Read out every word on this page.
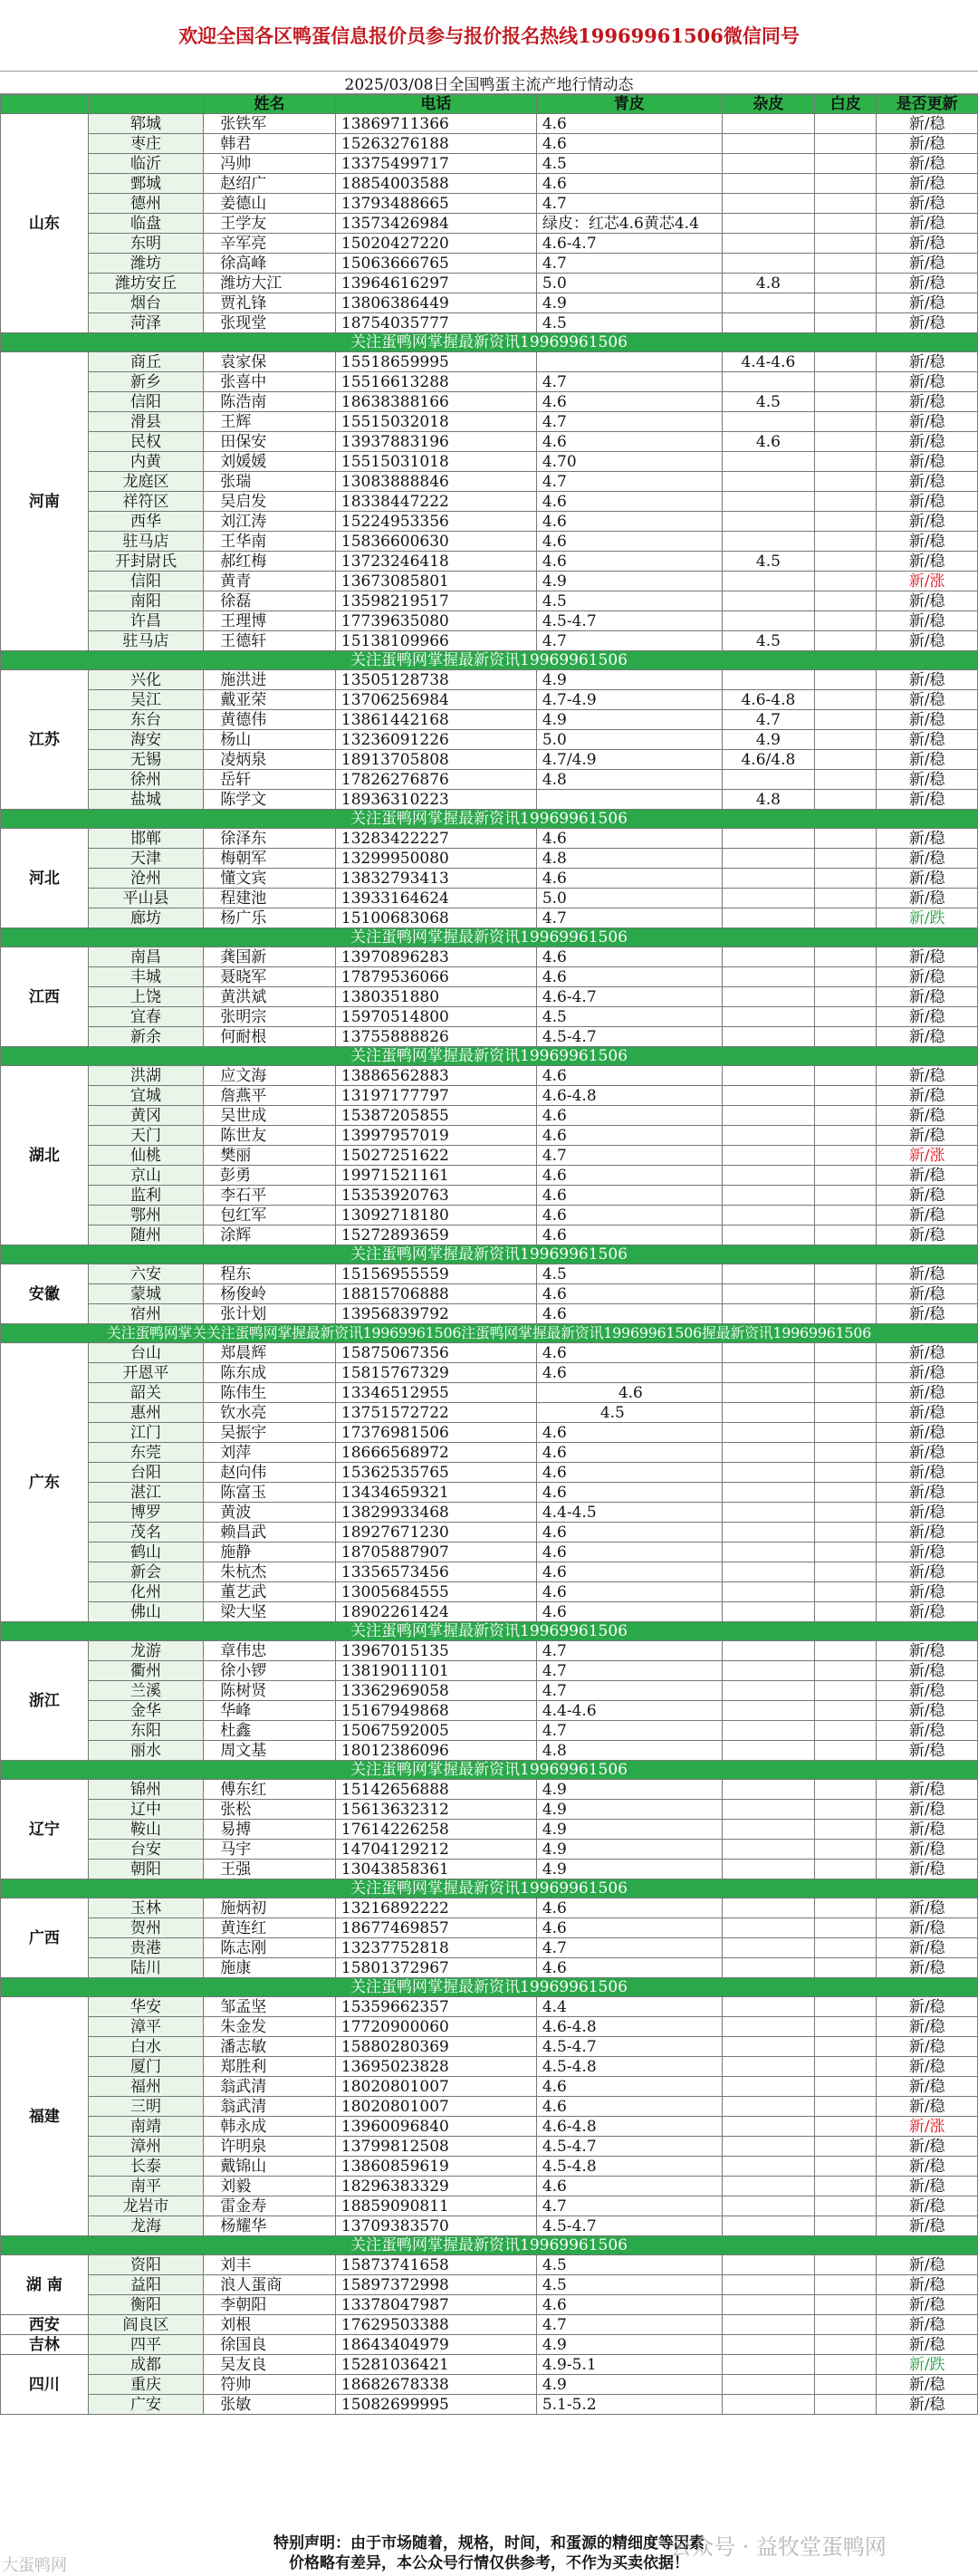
欢迎全国各区鸭蛋信息报价员参与报价报名热线19969961506微信同号
2025/03/08日全国鸭蛋主流产地行情动态
		姓名	电话	青皮	杂皮	白皮	是否更新
山东	郓城	张铁军	13869711366	4.6			新/稳
	枣庄	韩君	15263276188	4.6			新/稳
	临沂	冯帅	13375499717	4.5			新/稳
	鄄城	赵绍广	18854003588	4.6			新/稳
	德州	姜德山	13793488665	4.7			新/稳
	临盘	王学友	13573426984	绿皮：红芯4.6黄芯4.4			新/稳
	东明	辛军亮	15020427220	4.6-4.7			新/稳
	潍坊	徐高峰	15063666765	4.7			新/稳
	潍坊安丘	潍坊大江	13964616297	5.0	4.8		新/稳
	烟台	贾礼锋	13806386449	4.9			新/稳
	菏泽	张现堂	18754035777	4.5			新/稳
关注蛋鸭网掌握最新资讯19969961506							
河南	商丘	袁家保	15518659995		4.4-4.6		新/稳
	新乡	张喜中	15516613288	4.7			新/稳
	信阳	陈浩南	18638388166	4.6	4.5		新/稳
	滑县	王辉	15515032018	4.7			新/稳
	民权	田保安	13937883196	4.6	4.6		新/稳
	内黄	刘媛媛	15515031018	4.70			新/稳
	龙庭区	张瑞	13083888846	4.7			新/稳
	祥符区	吴启发	18338447222	4.6			新/稳
	西华	刘江涛	15224953356	4.6			新/稳
	驻马店	王华南	15836600630	4.6			新/稳
	开封尉氏	郝红梅	13723246418	4.6	4.5		新/稳
	信阳	黄青	13673085801	4.9			新/涨
	南阳	徐磊	13598219517	4.5			新/稳
	许昌	王理博	17739635080	4.5-4.7			新/稳
	驻马店	王德轩	15138109966	4.7	4.5		新/稳
关注蛋鸭网掌握最新资讯19969961506							
江苏	兴化	施洪进	13505128738	4.9			新/稳
	吴江	戴亚荣	13706256984	4.7-4.9	4.6-4.8		新/稳
	东台	黄德伟	13861442168	4.9	4.7		新/稳
	海安	杨山	13236091226	5.0	4.9		新/稳
	无锡	凌炳泉	18913705808	4.7/4.9	4.6/4.8		新/稳
	徐州	岳轩	17826276876	4.8			新/稳
	盐城	陈学文	18936310223		4.8		新/稳
关注蛋鸭网掌握最新资讯19969961506							
河北	邯郸	徐泽东	13283422227	4.6			新/稳
	天津	梅朝军	13299950080	4.8			新/稳
	沧州	懂文宾	13832793413	4.6			新/稳
	平山县	程建池	13933164624	5.0			新/稳
	廊坊	杨广乐	15100683068	4.7			新/跌
关注蛋鸭网掌握最新资讯19969961506							
江西	南昌	龚国新	13970896283	4.6			新/稳
	丰城	聂晓军	17879536066	4.6			新/稳
	上饶	黄洪斌	1380351880	4.6-4.7			新/稳
	宜春	张明宗	15970514800	4.5			新/稳
	新余	何耐根	13755888826	4.5-4.7			新/稳
关注蛋鸭网掌握最新资讯19969961506							
湖北	洪湖	应文海	13886562883	4.6			新/稳
	宜城	詹燕平	13197177797	4.6-4.8			新/稳
	黄冈	吴世成	15387205855	4.6			新/稳
	天门	陈世友	13997957019	4.6			新/稳
	仙桃	樊丽	15027251622	4.7			新/涨
	京山	彭勇	19971521161	4.6			新/稳
	监利	李石平	15353920763	4.6			新/稳
	鄂州	包红军	13092718180	4.6			新/稳
	随州	涂辉	15272893659	4.6			新/稳
关注蛋鸭网掌握最新资讯19969961506							
安徽	六安	程东	15156955559	4.5			新/稳
	蒙城	杨俊岭	18815706888	4.6			新/稳
	宿州	张计划	13956839792	4.6			新/稳
关注蛋鸭网掌关关注蛋鸭网掌握最新资讯19969961506注蛋鸭网掌握最新资讯19969961506握最新资讯19969961506							
广东	台山	郑晨辉	15875067356	4.6			新/稳
	开恩平	陈东成	15815767329	4.6			新/稳
	韶关	陈伟生	13346512955	4.6			新/稳
	惠州	钦水亮	13751572722	4.5			新/稳
	江门	吴振宇	17376981506	4.6			新/稳
	东莞	刘萍	18666568972	4.6			新/稳
	台阳	赵向伟	15362535765	4.6			新/稳
	湛江	陈富玉	13434659321	4.6			新/稳
	博罗	黄波	13829933468	4.4-4.5			新/稳
	茂名	赖昌武	18927671230	4.6			新/稳
	鹤山	施静	18705887907	4.6			新/稳
	新会	朱杭杰	13356573456	4.6			新/稳
	化州	董艺武	13005684555	4.6			新/稳
	佛山	梁大坚	18902261424	4.6			新/稳
关注蛋鸭网掌握最新资讯19969961506							
浙江	龙游	章伟忠	13967015135	4.7			新/稳
	衢州	徐小锣	13819011101	4.7			新/稳
	兰溪	陈树贤	13362969058	4.7			新/稳
	金华	华峰	15167949868	4.4-4.6			新/稳
	东阳	杜鑫	15067592005	4.7			新/稳
	丽水	周文基	18012386096	4.8			新/稳
关注蛋鸭网掌握最新资讯19969961506							
辽宁	锦州	傅东红	15142656888	4.9			新/稳
	辽中	张松	15613632312	4.9			新/稳
	鞍山	易搏	17614226258	4.9			新/稳
	台安	马宇	14704129212	4.9			新/稳
	朝阳	王强	13043858361	4.9			新/稳
关注蛋鸭网掌握最新资讯19969961506							
广西	玉林	施炳初	13216892222	4.6			新/稳
	贺州	黄连红	18677469857	4.6			新/稳
	贵港	陈志刚	13237752818	4.7			新/稳
	陆川	施康	15801372967	4.6			新/稳
关注蛋鸭网掌握最新资讯19969961506							
福建	华安	邹孟坚	15359662357	4.4			新/稳
	漳平	朱金发	17720900060	4.6-4.8			新/稳
	白水	潘志敏	15880280369	4.5-4.7			新/稳
	厦门	郑胜利	13695023828	4.5-4.8			新/稳
	福州	翁武清	18020801007	4.6			新/稳
	三明	翁武清	18020801007	4.6			新/稳
	南靖	韩永成	13960096840	4.6-4.8			新/涨
	漳州	许明泉	13799812508	4.5-4.7			新/稳
	长泰	戴锦山	13860859619	4.5-4.8			新/稳
	南平	刘毅	18296383329	4.6			新/稳
	龙岩市	雷金寿	18859090811	4.7			新/稳
	龙海	杨耀华	13709383570	4.5-4.7			新/稳
关注蛋鸭网掌握最新资讯19969961506							
湖 南	资阳	刘丰	15873741658	4.5			新/稳
	益阳	浪人蛋商	15897372998	4.5			新/稳
	衡阳	李朝阳	13378047987	4.6			新/稳
西安	阎良区	刘根	17629503388	4.7			新/稳
吉林	四平	徐国良	18643404979	4.9			新/稳
四川	成都	吴友良	15281036421	4.9-5.1			新/跌
	重庆	符帅	18682678338	4.9			新/稳
	广安	张敏	15082699995	5.1-5.2			新/稳
特别声明：由于市场随着，规格，时间，和蛋源的精细度等因素
价格略有差异，本公众号行情仅供参考，不作为买卖依据！
公众号 · 益牧堂蛋鸭网
大蛋鸭网
